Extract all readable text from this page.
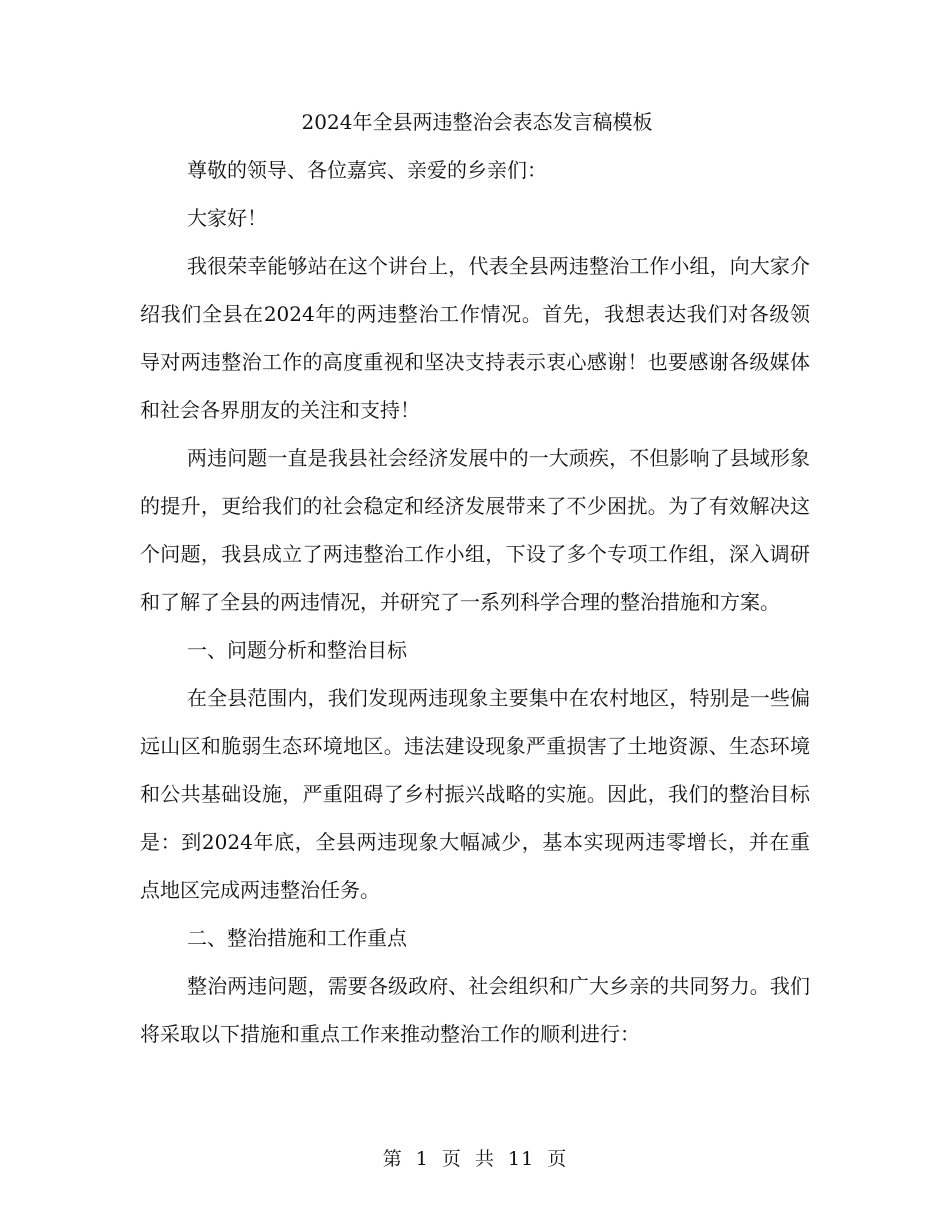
2024年全县两违整治会表态发言稿模板

尊敬的领导、各位嘉宾、亲爱的乡亲们：

大家好！

我很荣幸能够站在这个讲台上，代表全县两违整治工作小组，向大家介绍我们全县在2024年的两违整治工作情况。首先，我想表达我们对各级领导对两违整治工作的高度重视和坚决支持表示衷心感谢！也要感谢各级媒体和社会各界朋友的关注和支持！

两违问题一直是我县社会经济发展中的一大顽疾，不但影响了县域形象的提升，更给我们的社会稳定和经济发展带来了不少困扰。为了有效解决这个问题，我县成立了两违整治工作小组，下设了多个专项工作组，深入调研和了解了全县的两违情况，并研究了一系列科学合理的整治措施和方案。

一、问题分析和整治目标

在全县范围内，我们发现两违现象主要集中在农村地区，特别是一些偏远山区和脆弱生态环境地区。违法建设现象严重损害了土地资源、生态环境和公共基础设施，严重阻碍了乡村振兴战略的实施。因此，我们的整治目标是：到2024年底，全县两违现象大幅减少，基本实现两违零增长，并在重点地区完成两违整治任务。

二、整治措施和工作重点

整治两违问题，需要各级政府、社会组织和广大乡亲的共同努力。我们将采取以下措施和重点工作来推动整治工作的顺利进行：

第 1 页 共 11 页
